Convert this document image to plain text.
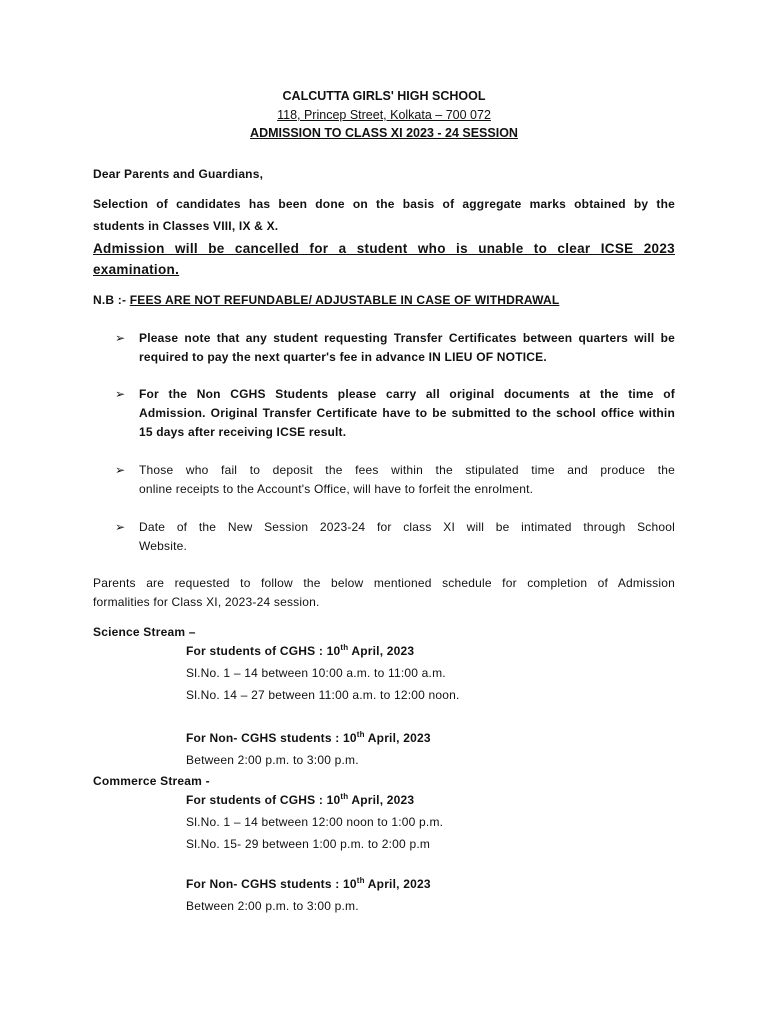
CALCUTTA GIRLS' HIGH SCHOOL
118, Princep Street, Kolkata – 700 072
ADMISSION TO CLASS XI 2023 - 24 SESSION
Dear Parents and Guardians,
Selection of candidates has been done on the basis of aggregate marks obtained by the
students in Classes VIII, IX & X.
Admission will be cancelled for a student who is unable to clear ICSE 2023
examination.
N.B :- FEES ARE NOT REFUNDABLE/ ADJUSTABLE IN CASE OF WITHDRAWAL
➢ Please note that any student requesting Transfer Certificates between quarters will be
required to pay the next quarter's fee in advance IN LIEU OF NOTICE.
➢ For the Non CGHS Students please carry all original documents at the time of
Admission. Original Transfer Certificate have to be submitted to the school office within
15 days after receiving ICSE result.
➢ Those who fail to deposit the fees within the stipulated time and produce the
online receipts to the Account's Office, will have to forfeit the enrolment.
➢ Date of the New Session 2023-24 for class XI will be intimated through School
Website.
Parents are requested to follow the below mentioned schedule for completion of Admission
formalities for Class XI, 2023-24 session.
Science Stream –
For students of CGHS : 10th April, 2023
Sl.No. 1 – 14 between 10:00 a.m. to 11:00 a.m.
Sl.No. 14 – 27 between 11:00 a.m. to 12:00 noon.
For Non- CGHS students : 10th April, 2023
Between 2:00 p.m. to 3:00 p.m.
Commerce Stream -
For students of CGHS : 10th April, 2023
Sl.No. 1 – 14 between 12:00 noon to 1:00 p.m.
Sl.No. 15- 29 between 1:00 p.m. to 2:00 p.m
For Non- CGHS students : 10th April, 2023
Between 2:00 p.m. to 3:00 p.m.
